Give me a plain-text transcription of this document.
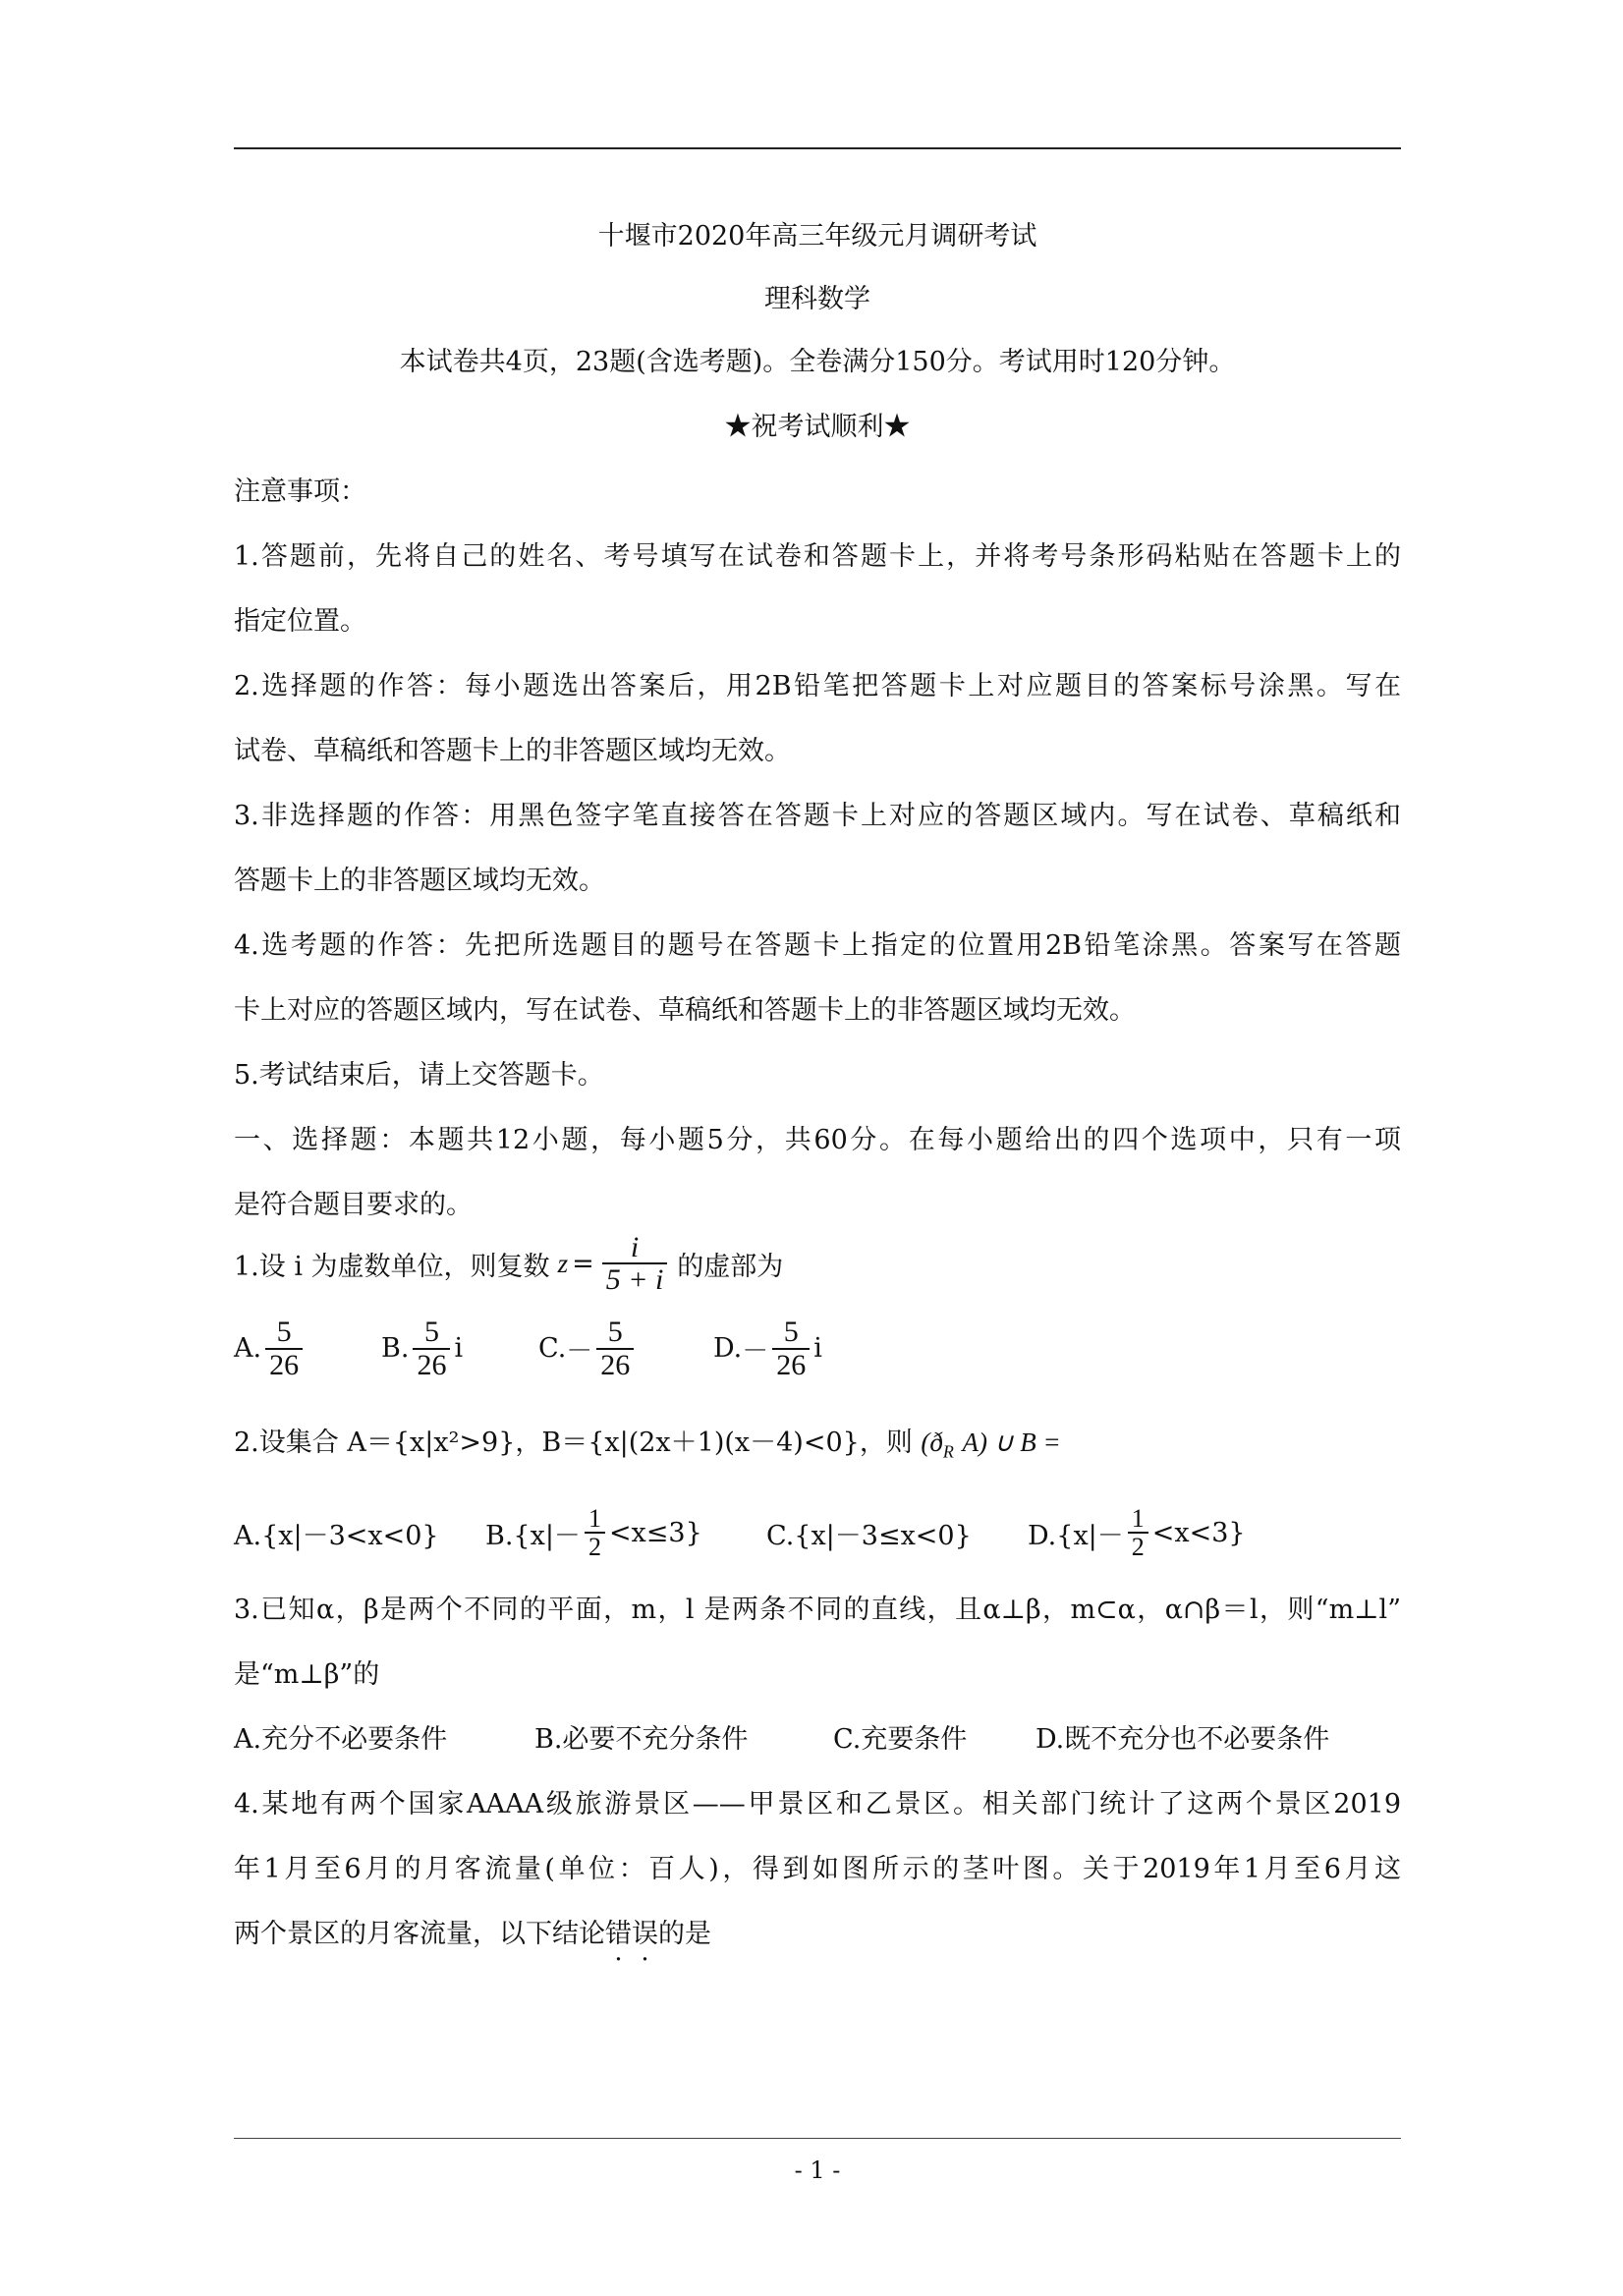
十堰市2020年高三年级元月调研考试
理科数学
本试卷共4页，23题(含选考题)。全卷满分150分。考试用时120分钟。
★祝考试顺利★
注意事项：
1.答题前，先将自己的姓名、考号填写在试卷和答题卡上，并将考号条形码粘贴在答题卡上的
指定位置。
2.选择题的作答：每小题选出答案后，用2B铅笔把答题卡上对应题目的答案标号涂黑。写在
试卷、草稿纸和答题卡上的非答题区域均无效。
3.非选择题的作答：用黑色签字笔直接答在答题卡上对应的答题区域内。写在试卷、草稿纸和
答题卡上的非答题区域均无效。
4.选考题的作答：先把所选题目的题号在答题卡上指定的位置用2B铅笔涂黑。答案写在答题
卡上对应的答题区域内，写在试卷、草稿纸和答题卡上的非答题区域均无效。
5.考试结束后，请上交答题卡。
一、选择题：本题共12小题，每小题5分，共60分。在每小题给出的四个选项中，只有一项
是符合题目要求的。
1.设 i 为虚数单位，则复数 $z = \frac{i}{5 + i}$ 的虚部为
A. $\frac{5}{26}$	B. $\frac{5}{26}$ i	C. － $\frac{5}{26}$	D. － $\frac{5}{26}$ i
2.设集合 A＝{x|x²>9}，B＝{x|(2x＋1)(x－4)<0}，则 ($ð_R$ A) ∪ B =
A.{x|－3<x<0} $B.\{x|- \frac{1}{2} <x\le 3\}$ C.{x|－3≤x<0} $D.\{x|- \frac{1}{2} <x<3\}$
3.已知α，β是两个不同的平面，m，l 是两条不同的直线，且α⊥β，m⊂α，α∩β＝l，则“m⊥l”
是“m⊥β”的
A.充分不必要条件	B.必要不充分条件	C.充要条件	D.既不充分也不必要条件
4.某地有两个国家AAAA级旅游景区——甲景区和乙景区。相关部门统计了这两个景区2019
年1月至6月的月客流量(单位：百人)，得到如图所示的茎叶图。关于2019年1月至6月这
两个景区的月客流量，以下结论错误的是
- 1 -
